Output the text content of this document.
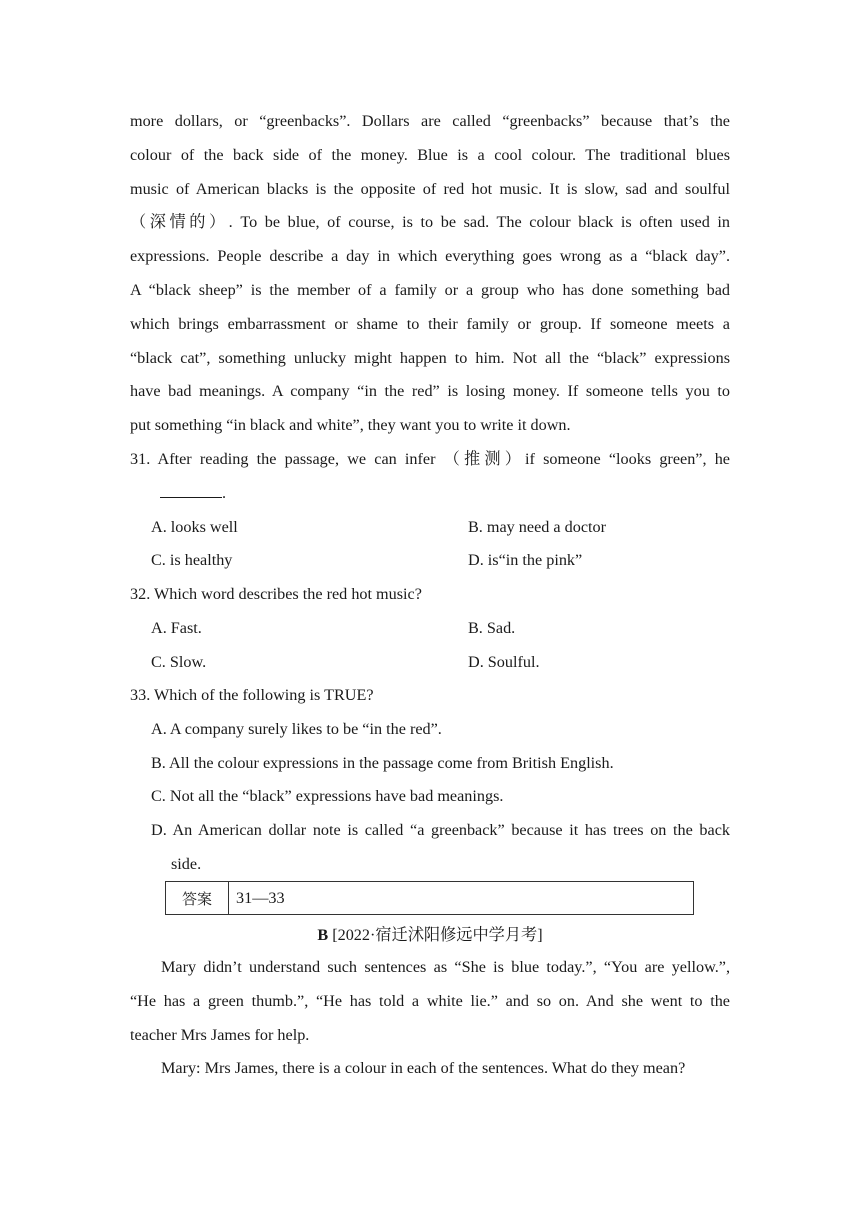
more dollars, or “greenbacks”. Dollars are called “greenbacks” because that’s the
colour of the back side of the money. Blue is a cool colour. The traditional blues
music of American blacks is the opposite of red hot music. It is slow, sad and soulful
（深情的）. To be blue, of course, is to be sad. The colour black is often used in
expressions. People describe a day in which everything goes wrong as a “black day”.
A “black sheep” is the member of a family or a group who has done something bad
which brings embarrassment or shame to their family or group. If someone meets a
“black cat”, something unlucky might happen to him. Not all the “black” expressions
have bad meanings. A company “in the red” is losing money. If someone tells you to
put something “in black and white”, they want you to write it down.
31. After reading the passage, we can infer （推测）if someone “looks green”, he
.
A. looks well	B. may need a doctor
C. is healthy	D. is“in the pink”
32. Which word describes the red hot music?
A. Fast.	B. Sad.
C. Slow.	D. Soulful.
33. Which of the following is TRUE?
A. A company surely likes to be “in the red”.
B. All the colour expressions in the passage come from British English.
C. Not all the “black” expressions have bad meanings.
D. An American dollar note is called “a greenback” because it has trees on the back
side.
答案	31—33
B [2022·宿迁沭阳修远中学月考]
Mary didn’t understand such sentences as “She is blue today.”, “You are yellow.”,
“He has a green thumb.”, “He has told a white lie.” and so on. And she went to the
teacher Mrs James for help.
Mary: Mrs James, there is a colour in each of the sentences. What do they mean?
